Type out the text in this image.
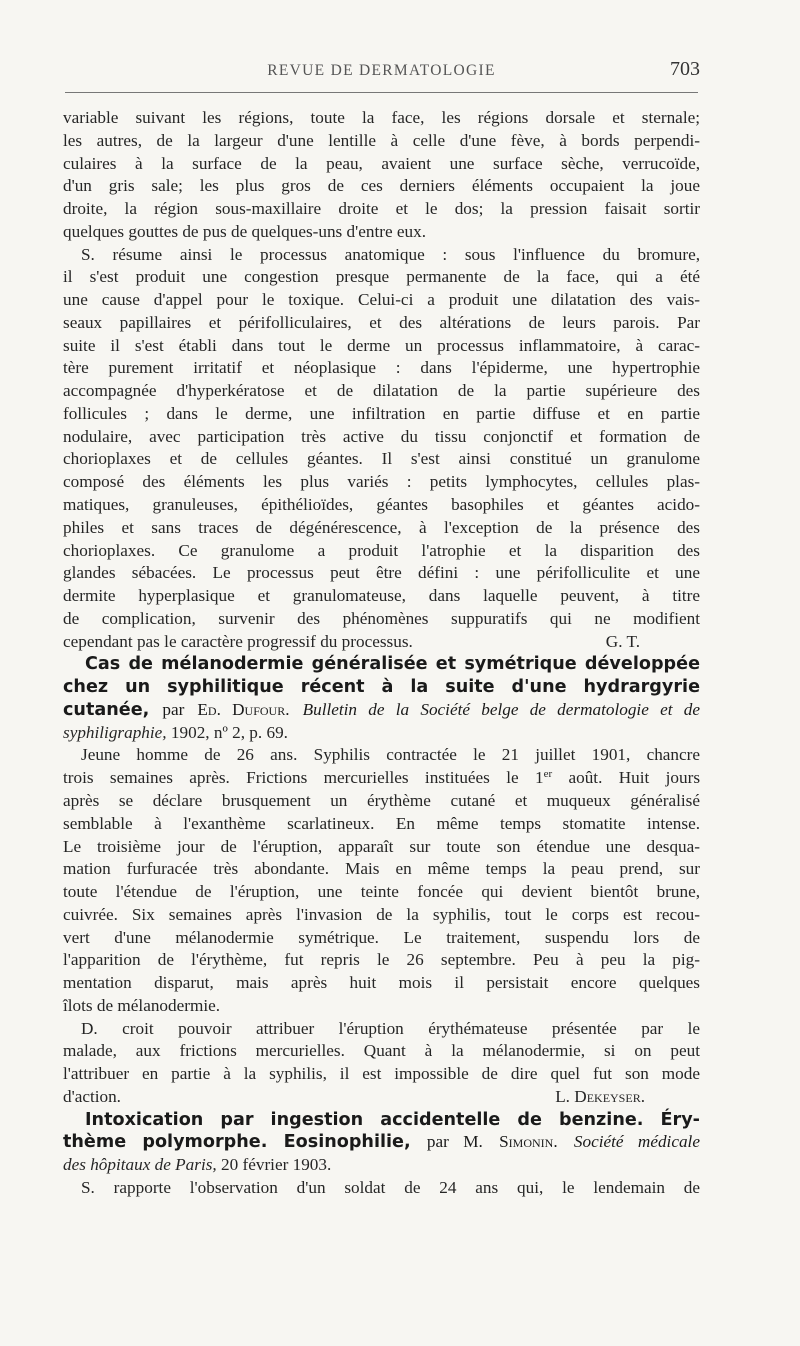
REVUE DE DERMATOLOGIE	703
variable suivant les régions, toute la face, les régions dorsale et sternale;
les autres, de la largeur d'une lentille à celle d'une fève, à bords perpendi-
culaires à la surface de la peau, avaient une surface sèche, verrucoïde,
d'un gris sale; les plus gros de ces derniers éléments occupaient la joue
droite, la région sous-maxillaire droite et le dos; la pression faisait sortir
quelques gouttes de pus de quelques-uns d'entre eux.
S. résume ainsi le processus anatomique : sous l'influence du bromure,
il s'est produit une congestion presque permanente de la face, qui a été
une cause d'appel pour le toxique. Celui-ci a produit une dilatation des vais-
seaux papillaires et périfolliculaires, et des altérations de leurs parois. Par
suite il s'est établi dans tout le derme un processus inflammatoire, à carac-
tère purement irritatif et néoplasique : dans l'épiderme, une hypertrophie
accompagnée d'hyperkératose et de dilatation de la partie supérieure des
follicules ; dans le derme, une infiltration en partie diffuse et en partie
nodulaire, avec participation très active du tissu conjonctif et formation de
chorioplaxes et de cellules géantes. Il s'est ainsi constitué un granulome
composé des éléments les plus variés : petits lymphocytes, cellules plas-
matiques, granuleuses, épithélioïdes, géantes basophiles et géantes acido-
philes et sans traces de dégénérescence, à l'exception de la présence des
chorioplaxes. Ce granulome a produit l'atrophie et la disparition des
glandes sébacées. Le processus peut être défini : une périfolliculite et une
dermite hyperplasique et granulomateuse, dans laquelle peuvent, à titre
de complication, survenir des phénomènes suppuratifs qui ne modifient
cependant pas le caractère progressif du processus.	G. T.
Cas de mélanodermie généralisée et symétrique développée
chez un syphilitique récent à la suite d'une hydrargyrie
cutanée, par Ed. Dufour. Bulletin de la Société belge de dermatologie et de
syphiligraphie, 1902, nº 2, p. 69.
Jeune homme de 26 ans. Syphilis contractée le 21 juillet 1901, chancre
trois semaines après. Frictions mercurielles instituées le 1er août. Huit jours
après se déclare brusquement un érythème cutané et muqueux généralisé
semblable à l'exanthème scarlatineux. En même temps stomatite intense.
Le troisième jour de l'éruption, apparaît sur toute son étendue une desqua-
mation furfuracée très abondante. Mais en même temps la peau prend, sur
toute l'étendue de l'éruption, une teinte foncée qui devient bientôt brune,
cuivrée. Six semaines après l'invasion de la syphilis, tout le corps est recou-
vert d'une mélanodermie symétrique. Le traitement, suspendu lors de
l'apparition de l'érythème, fut repris le 26 septembre. Peu à peu la pig-
mentation disparut, mais après huit mois il persistait encore quelques
îlots de mélanodermie.
D. croit pouvoir attribuer l'éruption érythémateuse présentée par le
malade, aux frictions mercurielles. Quant à la mélanodermie, si on peut
l'attribuer en partie à la syphilis, il est impossible de dire quel fut son mode
d'action.	L. Dekeyser.
Intoxication par ingestion accidentelle de benzine. Éry-
thème polymorphe. Eosinophilie, par M. Simonin. Société médicale
des hôpitaux de Paris, 20 février 1903.
S. rapporte l'observation d'un soldat de 24 ans qui, le lendemain de
